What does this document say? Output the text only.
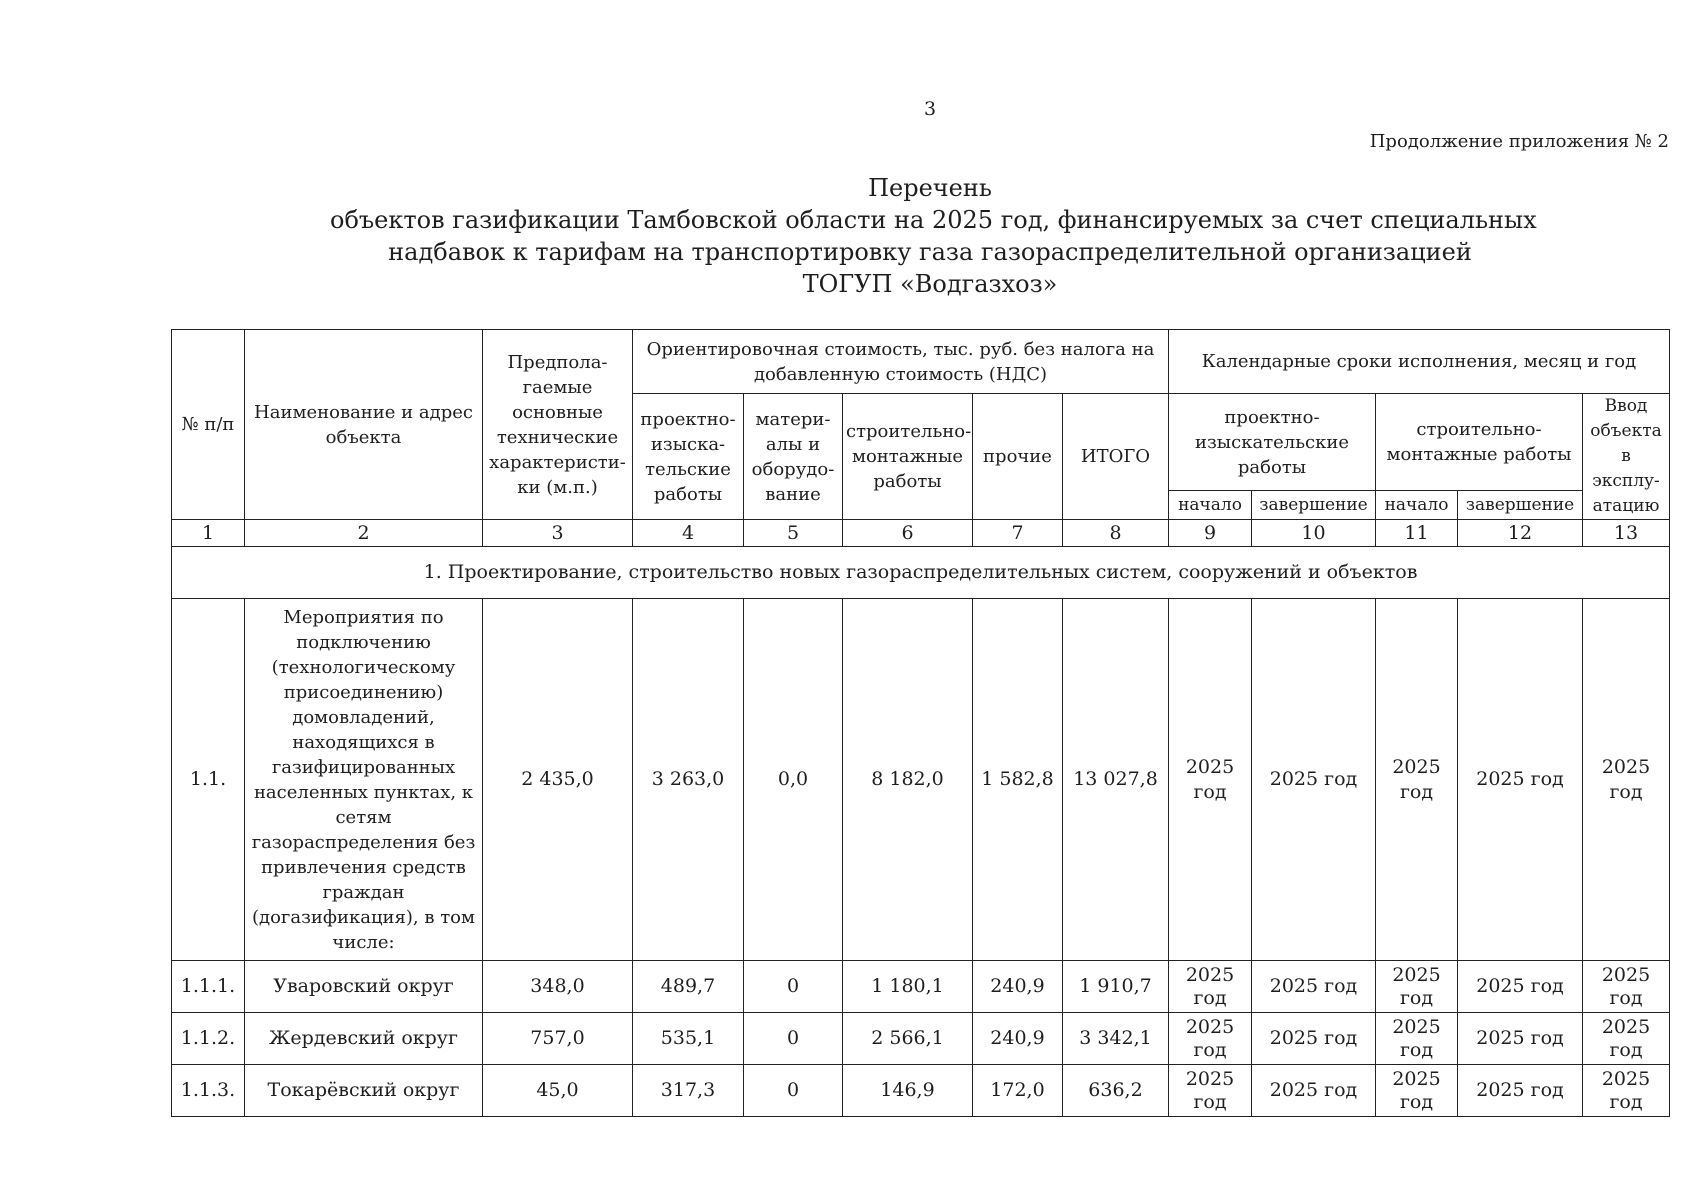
3
Продолжение приложения № 2
Перечень
объектов газификации Тамбовской области на 2025 год, финансируемых за счет специальных
надбавок к тарифам на транспортировку газа газораспределительной организацией
ТОГУП «Водгазхоз»
№ п/п	Наименование и адрес объекта	Предпола-гаемые основные технические характеристи-ки (м.п.)	Ориентировочная стоимость, тыс. руб. без налога на добавленную стоимость (НДС)					Календарные сроки исполнения, месяц и год				
			проектно-изыска-тельские работы	матери-алы и оборудо-вание	строительно-монтажные работы	прочие	ИТОГО	проектно-изыскательские работы		строительно-монтажные работы		Ввод объекта в эксплу-атацию
								начало	завершение	начало	завершение	
1	2	3	4	5	6	7	8	9	10	11	12	13
1. Проектирование, строительство новых газораспределительных систем, сооружений и объектов												
1.1.	Мероприятия по подключению (технологическому присоединению) домовладений, находящихся в газифицированных населенных пунктах, к сетям газораспределения без привлечения средств граждан (догазификация), в том числе:	2 435,0	3 263,0	0,0	8 182,0	1 582,8	13 027,8	2025 год	2025 год	2025 год	2025 год	2025 год
1.1.1.	Уваровский округ	348,0	489,7	0	1 180,1	240,9	1 910,7	2025 год	2025 год	2025 год	2025 год	2025 год
1.1.2.	Жердевский округ	757,0	535,1	0	2 566,1	240,9	3 342,1	2025 год	2025 год	2025 год	2025 год	2025 год
1.1.3.	Токарёвский округ	45,0	317,3	0	146,9	172,0	636,2	2025 год	2025 год	2025 год	2025 год	2025 год
